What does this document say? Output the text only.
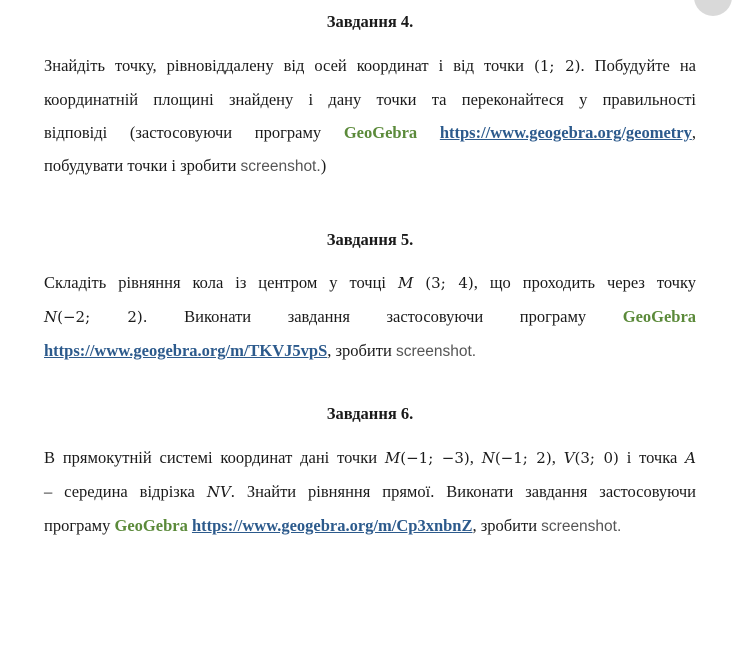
Завдання 4.

Знайдіть точку, рівновіддалену від осей координат і від точки (1; 2). Побудуйте на
координатній площині знайдену і дану точки та переконайтеся у правильності
відповіді (застосовуючи програму GeoGebra https://www.geogebra.org/geometry,
побудувати точки і зробити screenshot.)

Завдання 5.

Складіть рівняння кола із центром у точці M (3; 4), що проходить через точку
N(−2; 2). Виконати завдання застосовуючи програму GeoGebra
https://www.geogebra.org/m/TKVJ5vpS, зробити screenshot.

Завдання 6.

В прямокутній системі координат дані точки M(−1; −3), N(−1; 2), V(3; 0) і точка A
– середина відрізка NV. Знайти рівняння прямої. Виконати завдання застосовуючи
програму GeoGebra https://www.geogebra.org/m/Cp3xnbnZ, зробити screenshot.
